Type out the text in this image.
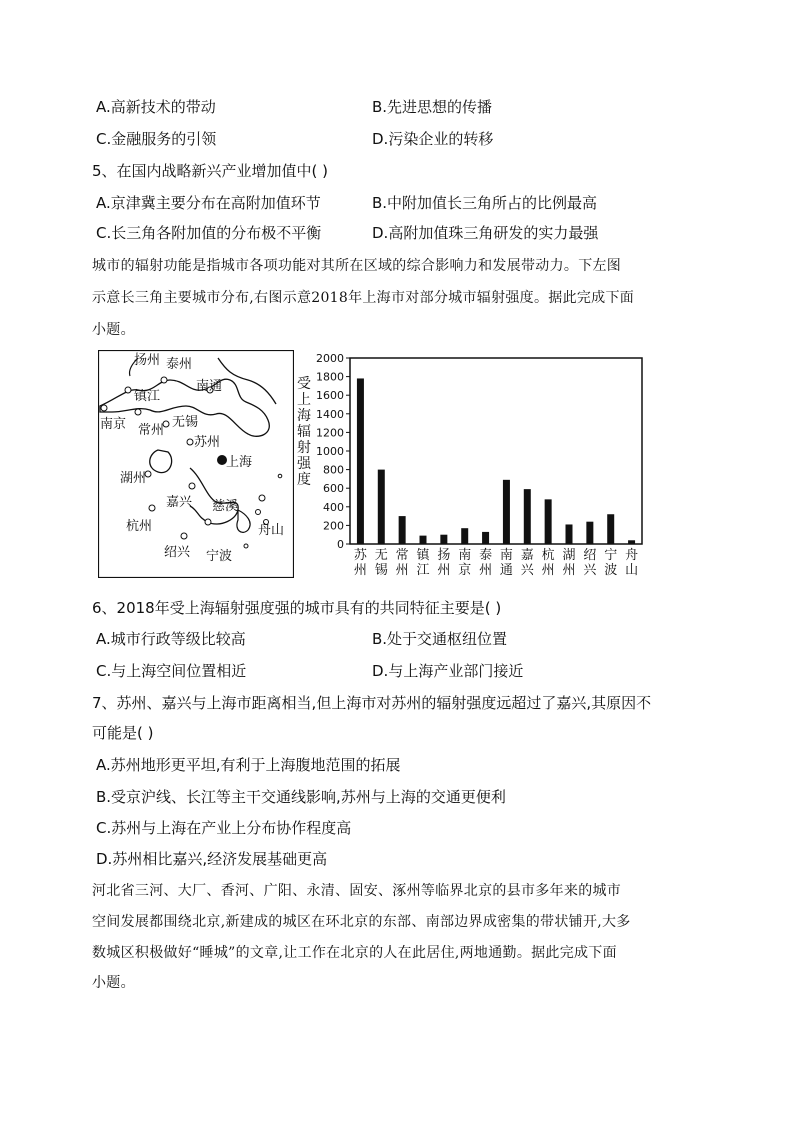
A.高新技术的带动	B.先进思想的传播
C.金融服务的引领	D.污染企业的转移
5、在国内战略新兴产业增加值中( )
A.京津冀主要分布在高附加值环节	B.中附加值长三角所占的比例最高
C.长三角各附加值的分布极不平衡	D.高附加值珠三角研发的实力最强
城市的辐射功能是指城市各项功能对其所在区域的综合影响力和发展带动力。下左图
示意长三角主要城市分布,右图示意2018年上海市对部分城市辐射强度。据此完成下面
小题。
扬州 泰州
南通
镇江
南京 常州
无锡
苏州
上海
湖州
嘉兴 慈溪
杭州	舟山
绍兴 宁波
0
200
400
600
800
1000
1200
1400
1600
1800
2000
受上海辐射强度
苏州
无锡
常州
镇江
扬州
南京
泰州
南通
嘉兴
杭州
湖州
绍兴
宁波
舟山
6、2018年受上海辐射强度强的城市具有的共同特征主要是( )
A.城市行政等级比较高	B.处于交通枢纽位置
C.与上海空间位置相近	D.与上海产业部门接近
7、苏州、嘉兴与上海市距离相当,但上海市对苏州的辐射强度远超过了嘉兴,其原因不
可能是( )
A.苏州地形更平坦,有利于上海腹地范围的拓展
B.受京沪线、长江等主干交通线影响,苏州与上海的交通更便利
C.苏州与上海在产业上分布协作程度高
D.苏州相比嘉兴,经济发展基础更高
河北省三河、大厂、香河、广阳、永清、固安、涿州等临界北京的县市多年来的城市
空间发展都围绕北京,新建成的城区在环北京的东部、南部边界成密集的带状铺开,大多
数城区积极做好“睡城”的文章,让工作在北京的人在此居住,两地通勤。据此完成下面
小题。
